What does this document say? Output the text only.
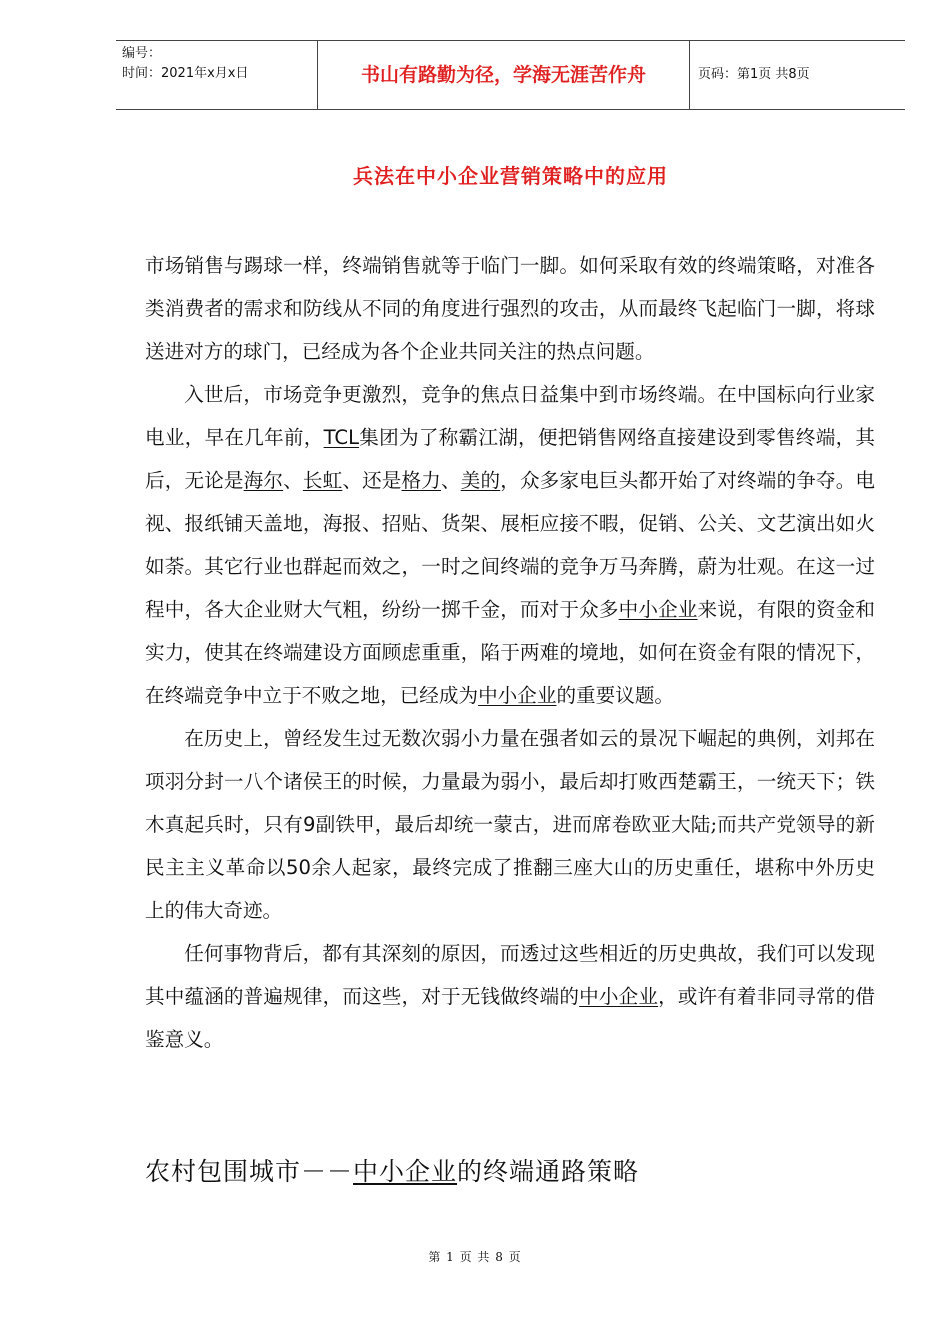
编号：
时间：2021年x月x日	书山有路勤为径，学海无涯苦作舟	页码：第1页 共8页
兵法在中小企业营销策略中的应用

市场销售与踢球一样，终端销售就等于临门一脚。如何采取有效的终端策略，对准各类消费者的需求和防线从不同的角度进行强烈的攻击，从而最终飞起临门一脚，将球送进对方的球门，已经成为各个企业共同关注的热点问题。

入世后，市场竞争更激烈，竞争的焦点日益集中到市场终端。在中国标向行业家电业，早在几年前，TCL集团为了称霸江湖，便把销售网络直接建设到零售终端，其后，无论是海尔、长虹、还是格力、美的，众多家电巨头都开始了对终端的争夺。电视、报纸铺天盖地，海报、招贴、货架、展柜应接不暇，促销、公关、文艺演出如火如荼。其它行业也群起而效之，一时之间终端的竞争万马奔腾，蔚为壮观。在这一过程中，各大企业财大气粗，纷纷一掷千金，而对于众多中小企业来说，有限的资金和实力，使其在终端建设方面顾虑重重，陷于两难的境地，如何在资金有限的情况下，在终端竞争中立于不败之地，已经成为中小企业的重要议题。

在历史上，曾经发生过无数次弱小力量在强者如云的景况下崛起的典例，刘邦在项羽分封一八个诸侯王的时候，力量最为弱小，最后却打败西楚霸王，一统天下；铁木真起兵时，只有9副铁甲，最后却统一蒙古，进而席卷欧亚大陆;而共产党领导的新民主主义革命以50余人起家，最终完成了推翻三座大山的历史重任，堪称中外历史上的伟大奇迹。

任何事物背后，都有其深刻的原因，而透过这些相近的历史典故，我们可以发现其中蕴涵的普遍规律，而这些，对于无钱做终端的中小企业，或许有着非同寻常的借鉴意义。

农村包围城市－－中小企业的终端通路策略
第 1 页 共 8 页
